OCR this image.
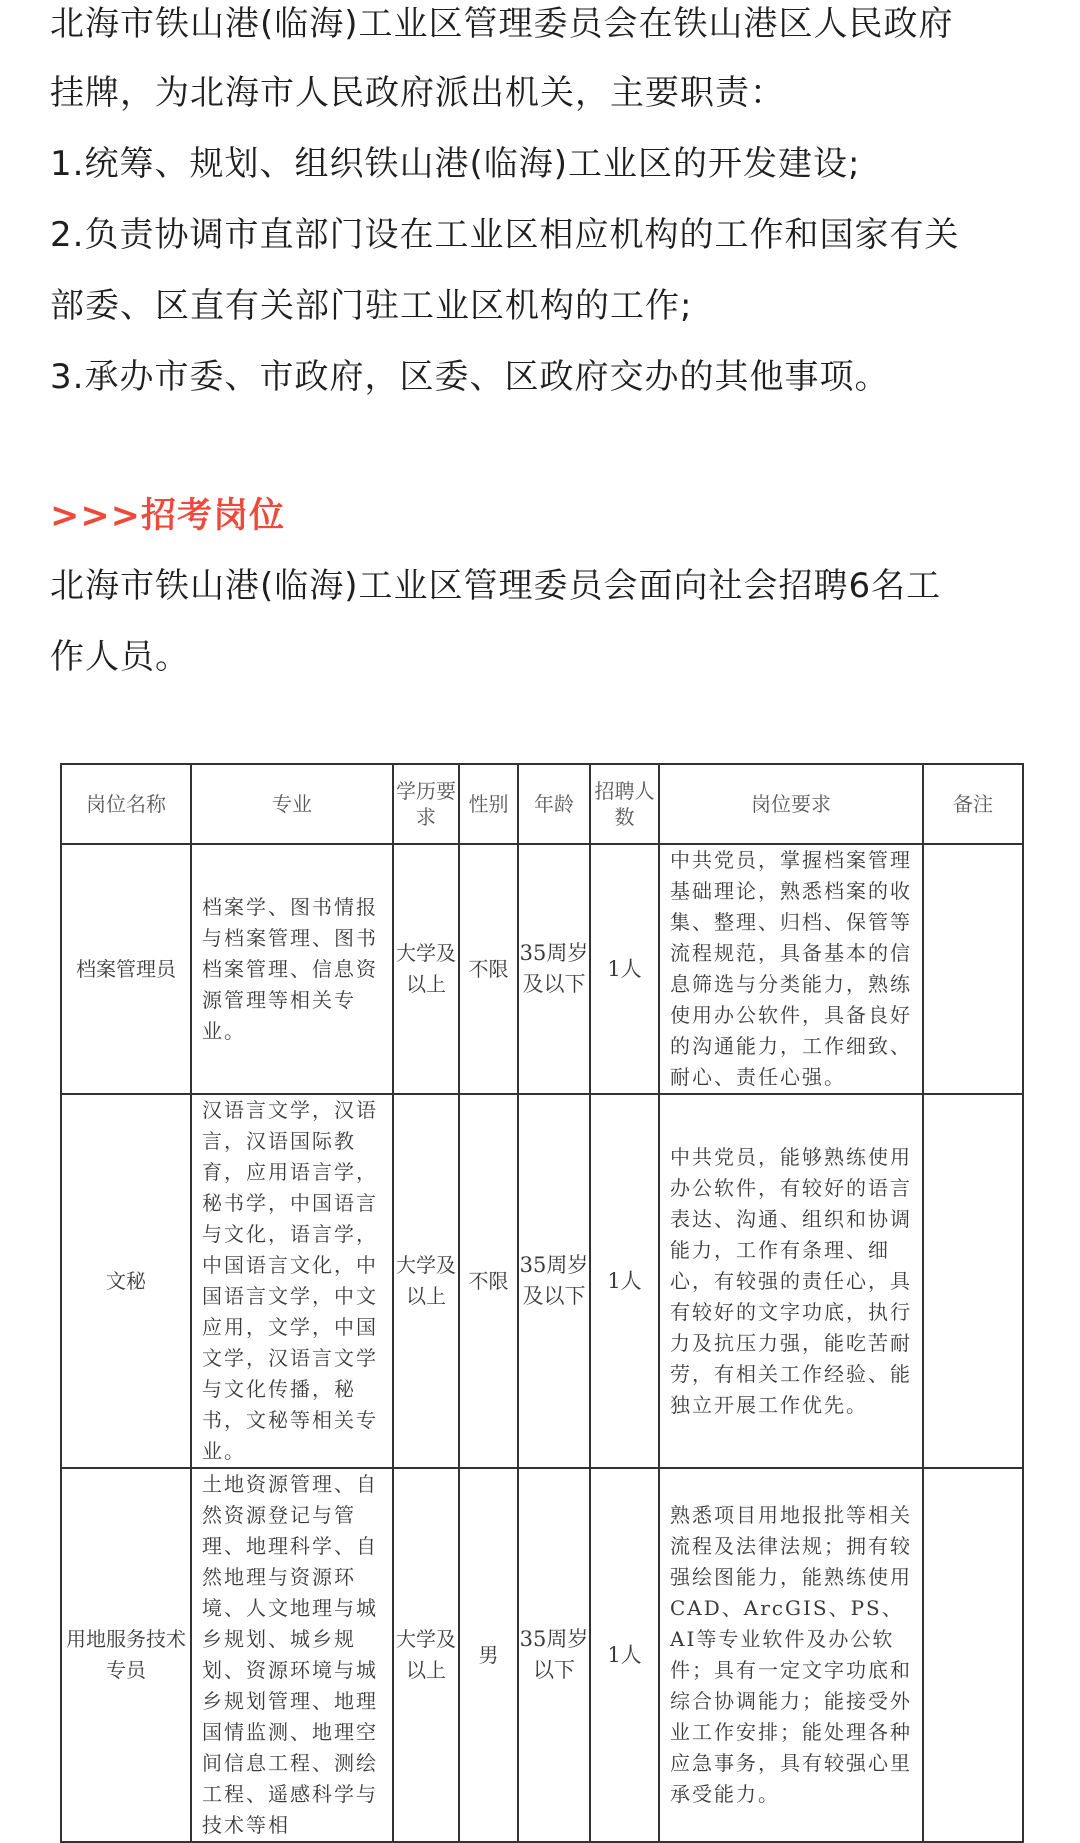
北海市铁山港(临海)工业区管理委员会在铁山港区人民政府

挂牌，为北海市人民政府派出机关，主要职责：

1.统筹、规划、组织铁山港(临海)工业区的开发建设;

2.负责协调市直部门设在工业区相应机构的工作和国家有关

部委、区直有关部门驻工业区机构的工作;

3.承办市委、市政府，区委、区政府交办的其他事项。

>>>招考岗位

北海市铁山港(临海)工业区管理委员会面向社会招聘6名工

作人员。

岗位名称	专业	学历要求	性别	年龄	招聘人数	岗位要求	备注
档案管理员	档案学、图书情报与档案管理、图书档案管理、信息资源管理等相关专业。	大学及以上	不限	35周岁及以下	1人	中共党员，掌握档案管理基础理论，熟悉档案的收集、整理、归档、保管等流程规范，具备基本的信息筛选与分类能力，熟练使用办公软件，具备良好的沟通能力，工作细致、耐心、责任心强。	
文秘	汉语言文学，汉语言，汉语国际教育，应用语言学，秘书学，中国语言与文化，语言学，中国语言文化，中国语言文学，中文应用，文学，中国文学，汉语言文学与文化传播，秘书，文秘等相关专业。	大学及以上	不限	35周岁及以下	1人	中共党员，能够熟练使用办公软件，有较好的语言表达、沟通、组织和协调能力，工作有条理、细心，有较强的责任心，具有较好的文字功底，执行力及抗压力强，能吃苦耐劳，有相关工作经验、能独立开展工作优先。	
用地服务技术专员	土地资源管理、自然资源登记与管理、地理科学、自然地理与资源环境、人文地理与城乡规划、城乡规划、资源环境与城乡规划管理、地理国情监测、地理空间信息工程、测绘工程、遥感科学与技术等相	大学及以上	男	35周岁以下	1人	熟悉项目用地报批等相关流程及法律法规；拥有较强绘图能力，能熟练使用CAD、ArcGIS、PS、AI等专业软件及办公软件；具有一定文字功底和综合协调能力；能接受外业工作安排；能处理各种应急事务，具有较强心里承受能力。	
